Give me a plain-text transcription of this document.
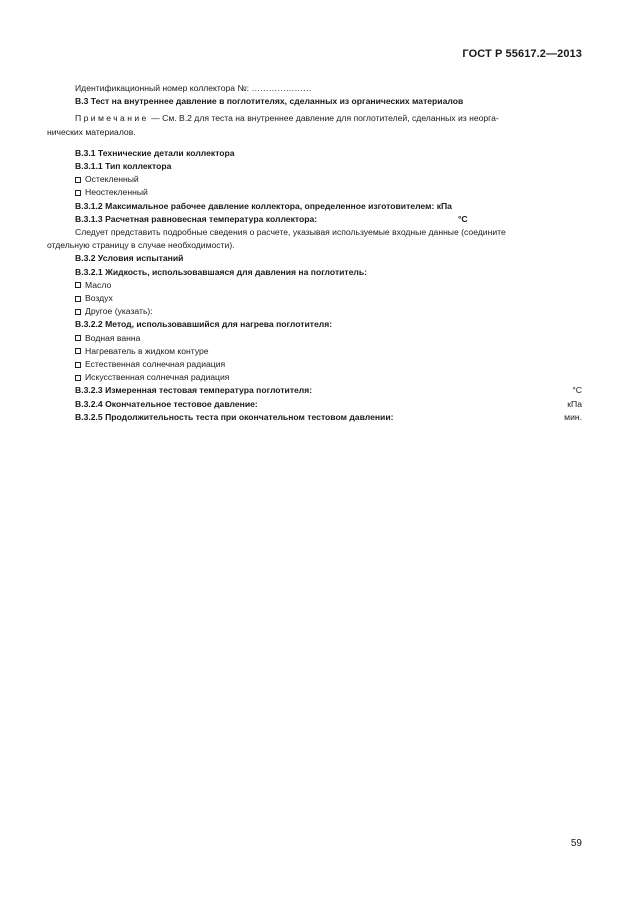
ГОСТ Р 55617.2—2013
Идентификационный номер коллектора №: …………………
B.3 Тест на внутреннее давление в поглотителях, сделанных из органических материалов
Примечание — См. В.2 для теста на внутреннее давление для поглотителей, сделанных из неорга-
нических материалов.
B.3.1 Технические детали коллектора
B.3.1.1 Тип коллектора
Остекленный
Неостекленный
B.3.1.2 Максимальное рабочее давление коллектора, определенное изготовителем: кПа
B.3.1.3 Расчетная равновесная температура коллектора:	°С
Следует представить подробные сведения о расчете, указывая используемые входные данные (соедините
отдельную страницу в случае необходимости).
B.3.2 Условия испытаний
B.3.2.1 Жидкость, использовавшаяся для давления на поглотитель:
Масло
Воздух
Другое (указать):
B.3.2.2 Метод, использовавшийся для нагрева поглотителя:
Водная ванна
Нагреватель в жидком контуре
Естественная солнечная радиация
Искусственная солнечная радиация
B.3.2.3 Измеренная тестовая температура поглотителя:	°С
B.3.2.4 Окончательное тестовое давление:	кПа
B.3.2.5 Продолжительность теста при окончательном тестовом давлении:	мин.
59
